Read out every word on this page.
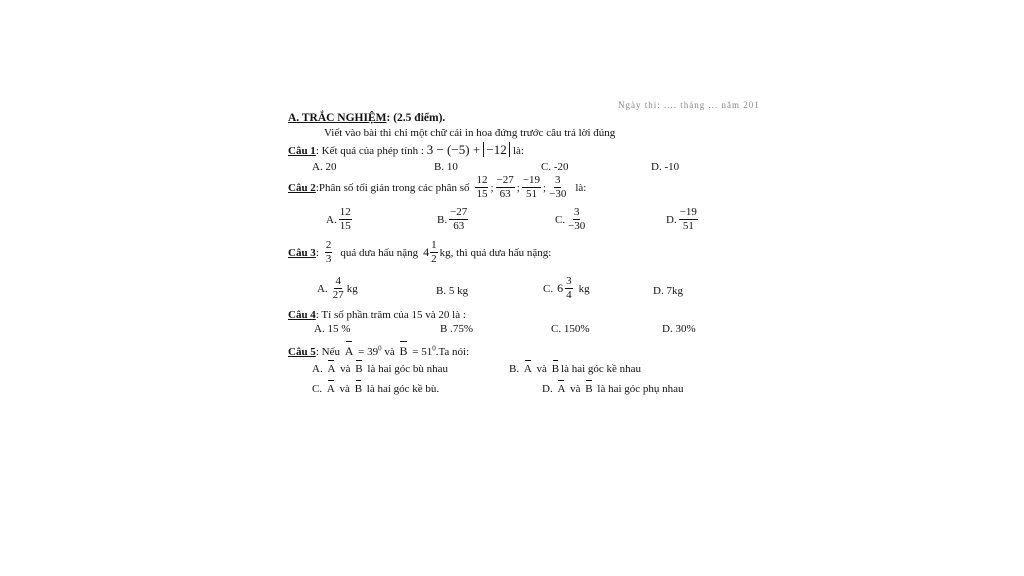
Ngày thi: .... tháng ... năm 201
A. TRẮC NGHIỆM: (2.5 điểm).
Viết vào bài thi chỉ một chữ cái in hoa đứng trước câu trả lời đúng
Câu 1: Kết quả của phép tính : 3 − (−5) + −12 là:
A. 20	B. 10	C. -20	D. -10
Câu 2 :Phân số tối giản trong các phân số $\frac{12}{15}$ ; $\frac{-27}{63}$ ; $\frac{-19}{51}$ ; $\frac{3}{-30}$ là:
A. $\frac{12}{15}$	B. $\frac{-27}{63}$	C. $\frac{3}{-30}$	D. $\frac{-19}{51}$
Câu 3 : $\frac{2}{3}$ quả dưa hấu nặng $4 \frac{1}{2}$ kg, thì quả dưa hấu nặng:
A. $\frac{4}{27}$ kg	B. 5 kg	C. $6 \frac{3}{4}$ kg	D. 7kg
Câu 4: Tỉ số phần trăm của 15 và 20 là :
A. 15 %	B .75%	C. 150%	D. 30%
Câu 5: Nếu $A = 39^0$ và $B = 51^0.Ta$ nói:
A. A và B là hai góc bù nhau	B. A và B là hai góc kề nhau
C. A và B là hai góc kề bù.	D. A và B là hai góc phụ nhau
